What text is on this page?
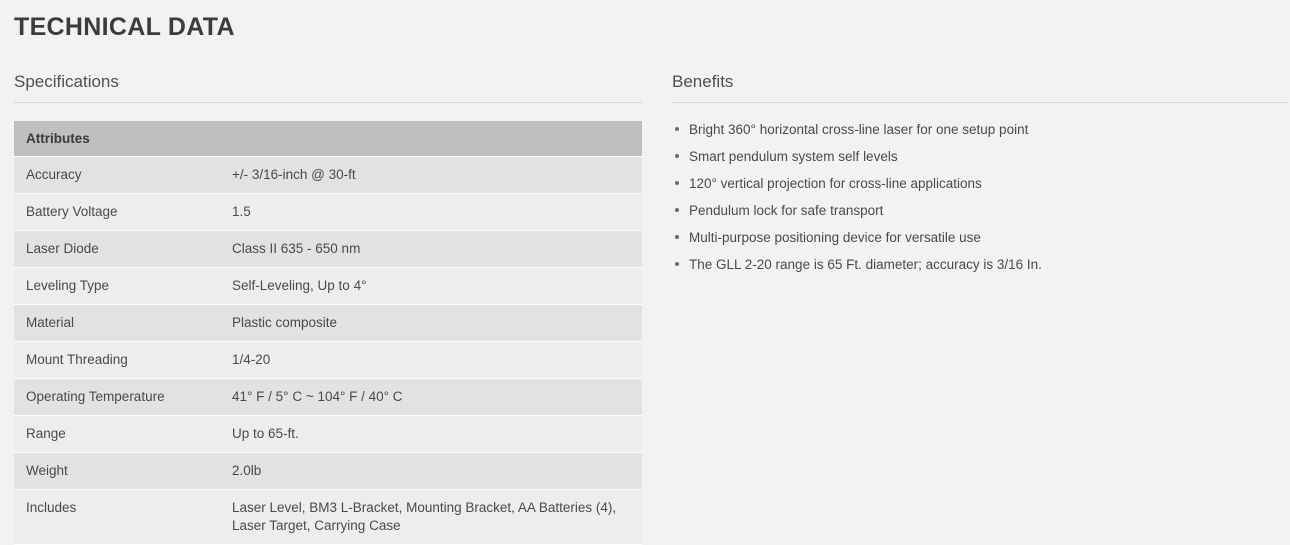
TECHNICAL DATA
Specifications
Attributes	
Accuracy	+/- 3/16-inch @ 30-ft
Battery Voltage	1.5
Laser Diode	Class II 635 - 650 nm
Leveling Type	Self-Leveling, Up to 4°
Material	Plastic composite
Mount Threading	1/4-20
Operating Temperature	41° F / 5° C ~ 104° F / 40° C
Range	Up to 65-ft.
Weight	2.0lb
Includes	Laser Level, BM3 L-Bracket, Mounting Bracket, AA Batteries (4), Laser Target, Carrying Case
Benefits
Bright 360° horizontal cross-line laser for one setup point
Smart pendulum system self levels
120° vertical projection for cross-line applications
Pendulum lock for safe transport
Multi-purpose positioning device for versatile use
The GLL 2-20 range is 65 Ft. diameter; accuracy is 3/16 In.
